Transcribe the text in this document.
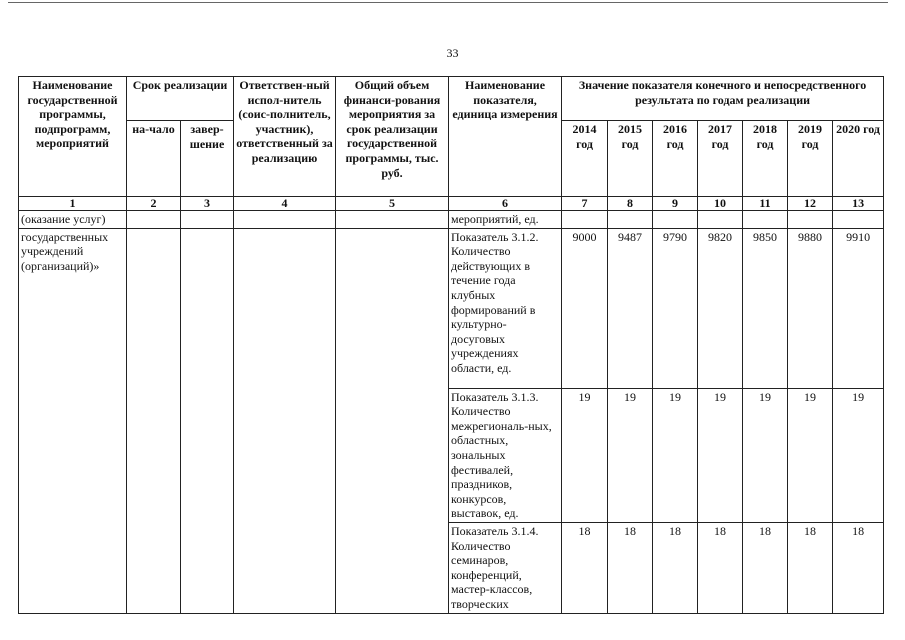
33
Наименование государственной программы, подпрограмм, мероприятий	Срок реализации		Ответствен-ный испол-нитель (соис-полнитель, участник), ответственный за реализацию	Общий объем финанси-рования мероприятия за срок реализации государственной программы, тыс. руб.	Наименование показателя, единица измерения	Значение показателя конечного и непосредственного результата по годам реализации						
	на-чало	завер-шение				2014 год	2015 год	2016 год	2017 год	2018 год	2019 год	2020 год
1	2	3	4	5	6	7	8	9	10	11	12	13
(оказание услуг)					мероприятий, ед.							
государственных учреждений (организаций)»					Показатель 3.1.2. Количество действующих в течение года клубных формирований в культурно-досуговых учреждениях области, ед.	9000	9487	9790	9820	9850	9880	9910
					Показатель 3.1.3. Количество межрегиональ-ных, областных, зональных фестивалей, праздников, конкурсов, выставок, ед.	19	19	19	19	19	19	19
					Показатель 3.1.4. Количество семинаров, конференций, мастер-классов, творческих	18	18	18	18	18	18	18
